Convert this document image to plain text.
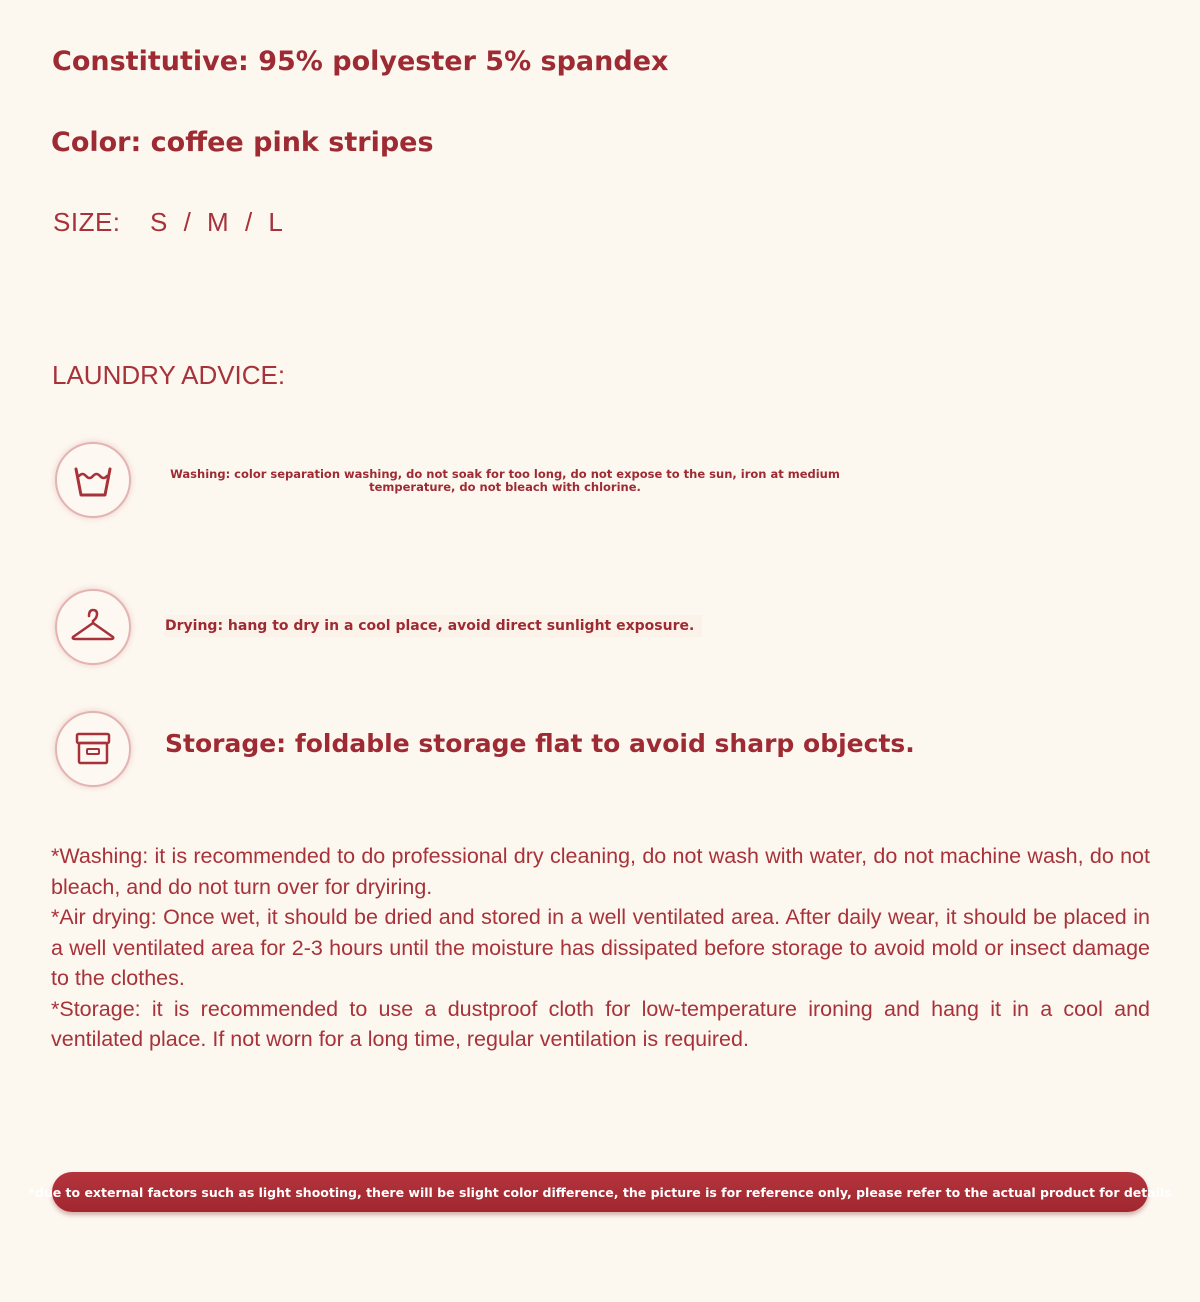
Constitutive: 95% polyester 5% spandex
Color: coffee pink stripes
SIZE: S / M / L
LAUNDRY ADVICE:
Washing: color separation washing, do not soak for too long, do not expose to the sun, iron at medium temperature, do not bleach with chlorine.
Drying: hang to dry in a cool place, avoid direct sunlight exposure.
Storage: foldable storage flat to avoid sharp objects.

*Washing: it is recommended to do professional dry cleaning, do not wash with water, do not machine wash, do not bleach, and do not turn over for dryiring.

*Air drying: Once wet, it should be dried and stored in a well ventilated area. After daily wear, it should be placed in a well ventilated area for 2-3 hours until the moisture has dissipated before storage to avoid mold or insect damage to the clothes.

*Storage: it is recommended to use a dustproof cloth for low-temperature ironing and hang it in a cool and ventilated place. If not worn for a long time, regular ventilation is required.

*due to external factors such as light shooting, there will be slight color difference, the picture is for reference only, please refer to the actual product for details
